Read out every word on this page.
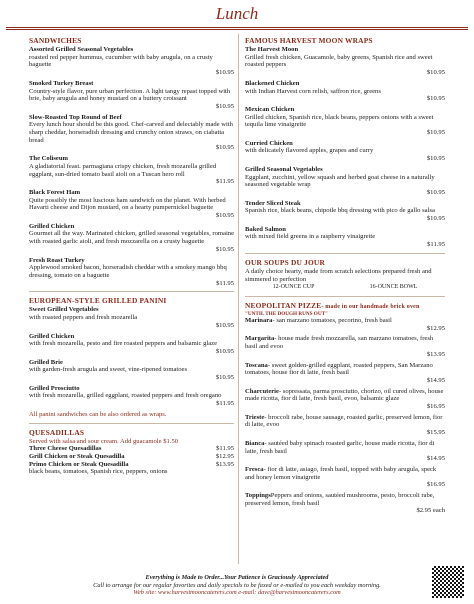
Lunch
SANDWICHES
Assorted Grilled Seasonal Vegetables
roasted red pepper hummus, cucumber with baby arugula, on a crusty baguette
$10.95
Smoked Turkey Breast
Country-style flavor, pure urban perfection. A light tangy repast topped with brie, baby arugula and honey mustard on a buttery croissant
$10.95
Slow-Roasted Top Round of Beef
Every lunch hour should be this good. Chef-carved and delectably made with sharp cheddar, horseradish dressing and crunchy onion straws, on ciabatta bread
$10.95
The Coliseum
A gladiatorial feast. parmagiana crispy chicken, fresh mozarella grilled eggplant, sun-dried tomato basil aioli on a Tuscan hero roll
$11.95
Black Forest Ham
Quite possibly the most luscious ham sandwich on the planet. With herbed Havarti cheese and Dijon mustard, on a hearty pumpernickel baguette
$10.95
Grilled Chicken
Gourmet all the way. Marinated chicken, grilled seasonal vegetables, romaine with roasted garlic aioli, and fresh mozzarella on a crusty baguette
$10.95
Fresh Roast Turkey
Applewood smoked bacon, horseradish cheddar with a smokey mango bbq dressing, tomato on a baguette
$11.95
EUROPEAN-STYLE GRILLED PANINI
Sweet Grilled Vegetables
with roasted peppers and fresh mozarella
$10.95
Grilled Chicken
with fresh mozarella, pesto and fire roasted peppers and balsamic glaze
$10.95
Grilled Brie
with garden-fresh arugula and sweet, vine-ripened tomatoes
$10.95
Grilled Prosciutto
with fresh mozarella, grilled eggplant, roasted peppers and fresh oregano
$11.95
All panini sandwiches can be also ordered as wraps.
QUESADILLAS
Served with salsa and sour cream. Add guacamole $1.50
Three Cheese Quesadillas	$11.95
Grill Chicken or Steak Quesadilla	$12.95
Primo Chicken or Steak Quesadilla	$13.95
black beans, tomatoes, Spanish rice, peppers, onions
FAMOUS HARVEST MOON WRAPS
The Harvest Moon
Grilled fresh chicken, Guacamole, baby greens, Spanish rice and sweet roasted peppers
$10.95
Blackened Chicken
with Indian Harvest corn relish, saffron rice, greens
$10.95
Mexican Chicken
Grilled chicken, Spanish rice, black beans, peppers onions with a sweet tequila lime vinaigrette
$10.95
Curried Chicken
with delicately flavored apples, grapes and curry
$10.95
Grilled Seasonal Vegetables
Eggplant, zucchini, yellow squash and herbed goat cheese in a naturally seasoned vegetable wrap
$10.95
Tender Sliced Steak
Spanish rice, black beans, chipotle bbq dressing with pico de gallo salsa
$10.95
Baked Salmon
with mixed field greens in a raspberry vinaigrette
$11.95
OUR SOUPS DU JOUR
A daily choice hearty, made from scratch selections prepared fresh and simmered to perfection
12-OUNCE CUP	16-OUNCE BOWL
NEOPOLITAN PIZZE- made in our handmade brick oven
"UNTIL THE DOUGH RUNS OUT"
Marinara- san marzano tomatoes, pecorino, fresh basil
$12.95
Margarita- house made fresh mozzarella, san marzano tomatoes, fresh basil and evoo
$13.95
Toscana- sweet golden-grilled eggplant, roasted peppers, San Marzano tomatoes, house fior di latte, fresh basil
$14.95
Charcuterie- sopressata, parma prosciutto, chorizo, oil cured olives, house made ricotta, fior di latte, fresh basil, evoo, balsamic glaze
$16.95
Trieste- broccoli rabe, house sausage, roasted garlic, preserved lemon, fior di latte, evoo
$15.95
Bianca- sautéed baby spinach roasted garlic, house made ricotta, fior di latte, fresh basil
$14.95
Fresca- fior di latte, asiago, fresh basil, topped with baby arugula, speck and honey lemon vinaigrette
$16.95
ToppingsPeppers and onions, sautéed mushrooms, pesto, broccoli rabe, preserved lemon, fresh basil
$2.95 each
Everything is Made to Order...Your Patience is Graciously Appreciated
Call to arrange for our regular favorites and daily specials to be faxed or e-mailed to you each weekday morning.
Web site: www.harvestmooncaterers.com e-mail: dave@harvestmooncaterers.com
